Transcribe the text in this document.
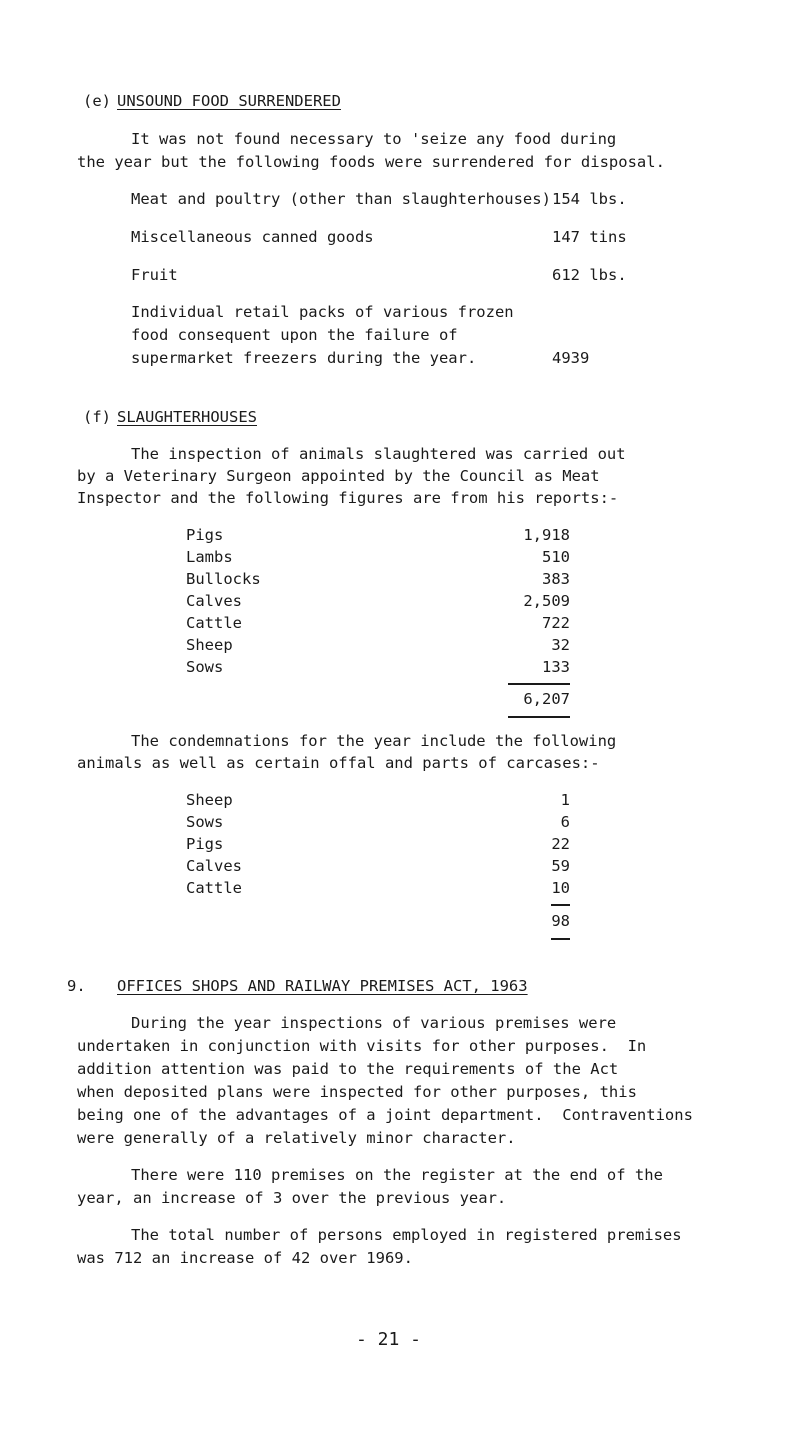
(e) UNSOUND FOOD SURRENDERED
It was not found necessary to 'seize any food during
the year but the following foods were surrendered for disposal.
Meat and poultry (other than slaughterhouses) 154 lbs.
Miscellaneous canned goods	147 tins
Fruit	612 lbs.
Individual retail packs of various frozen
food consequent upon the failure of
supermarket freezers during the year.	4939
(f) SLAUGHTERHOUSES
The inspection of animals slaughtered was carried out
by a Veterinary Surgeon appointed by the Council as Meat
Inspector and the following figures are from his reports:-
Pigs	1,918
Lambs	510
Bullocks	383
Calves	2,509
Cattle	722
Sheep	32
Sows	133
6,207
The condemnations for the year include the following
animals as well as certain offal and parts of carcases:-
Sheep	1
Sows	6
Pigs	22
Calves	59
Cattle	10
98
9. OFFICES SHOPS AND RAILWAY PREMISES ACT, 1963
During the year inspections of various premises were
undertaken in conjunction with visits for other purposes.  In
addition attention was paid to the requirements of the Act
when deposited plans were inspected for other purposes, this
being one of the advantages of a joint department.  Contraventions
were generally of a relatively minor character.
There were 110 premises on the register at the end of the
year, an increase of 3 over the previous year.
The total number of persons employed in registered premises
was 712 an increase of 42 over 1969.
- 21 -
